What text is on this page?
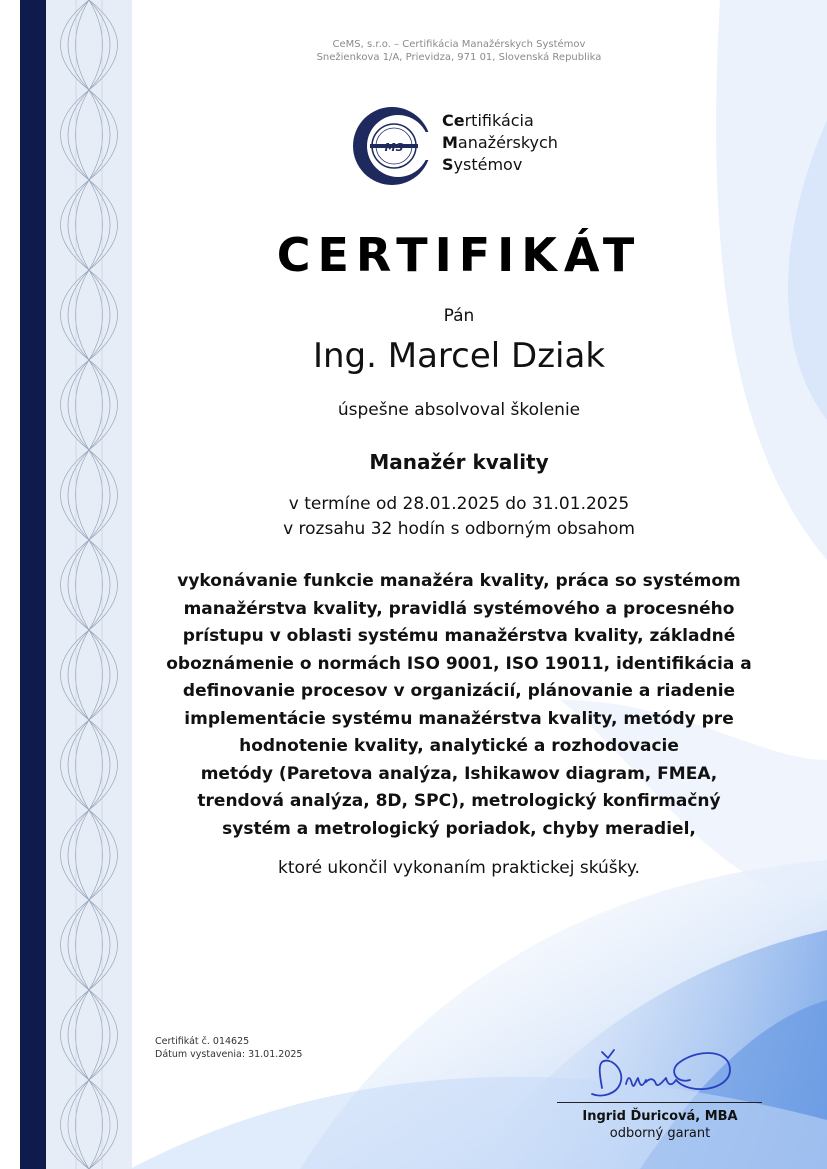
CeMS, s.r.o. – Certifikácia Manažérskych Systémov
Snežienkova 1/A, Prievidza, 971 01, Slovenská Republika
MS
Certifikácia
Manažérskych
Systémov
CERTIFIKÁT
Pán
Ing. Marcel Dziak
úspešne absolvoval školenie
Manažér kvality
v termíne od 28.01.2025 do 31.01.2025
v rozsahu 32 hodín s odborným obsahom
vykonávanie funkcie manažéra kvality, práca so systémom
manažérstva kvality, pravidlá systémového a procesného
prístupu v oblasti systému manažérstva kvality, základné
oboznámenie o normách ISO 9001, ISO 19011, identifikácia a
definovanie procesov v organizácií, plánovanie a riadenie
implementácie systému manažérstva kvality, metódy pre
hodnotenie kvality, analytické a rozhodovacie
metódy (Paretova analýza, Ishikawov diagram, FMEA,
trendová analýza, 8D, SPC), metrologický konfirmačný
systém a metrologický poriadok, chyby meradiel,
ktoré ukončil vykonaním praktickej skúšky.
Certifikát č. 014625
Dátum vystavenia: 31.01.2025
Ingrid Ďuricová, MBA
odborný garant
